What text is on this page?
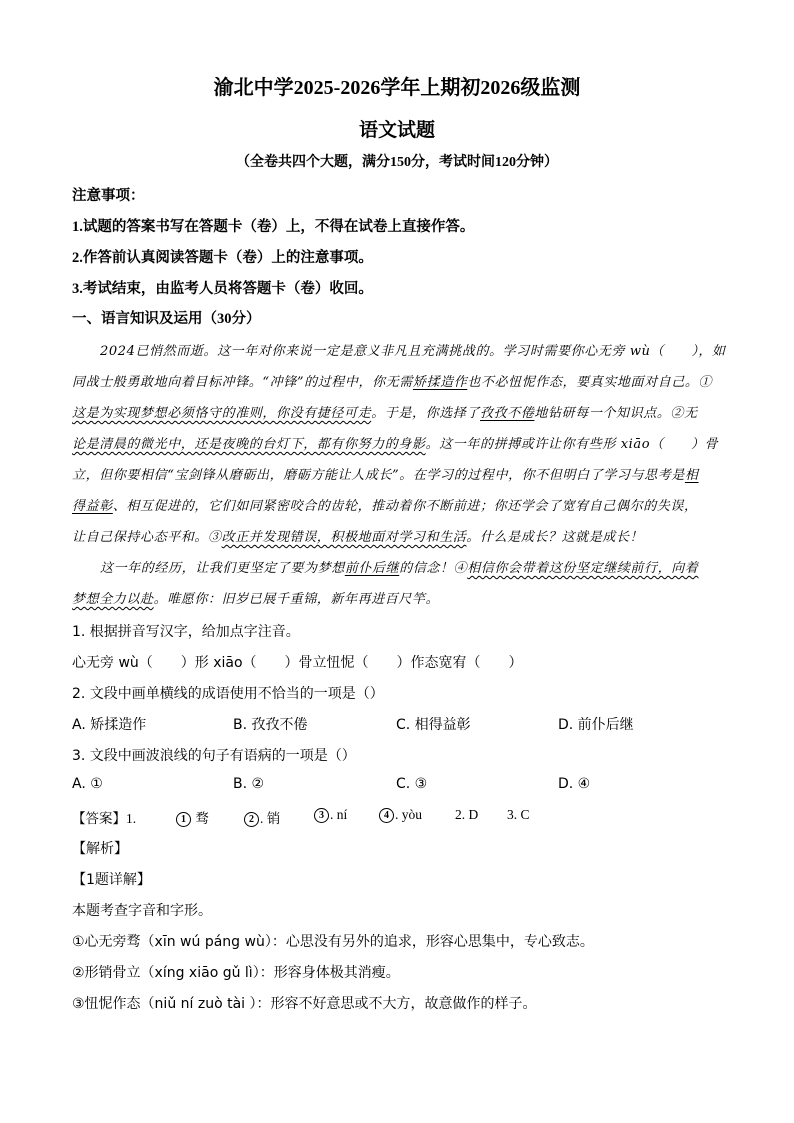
渝北中学2025-2026学年上期初2026级监测
语文试题
（全卷共四个大题，满分150分，考试时间120分钟）
注意事项：
1.试题的答案书写在答题卡（卷）上，不得在试卷上直接作答。
2.作答前认真阅读答题卡（卷）上的注意事项。
3.考试结束，由监考人员将答题卡（卷）收回。
一、语言知识及运用（30分）
2024已悄然而逝。这一年对你来说一定是意义非凡且充满挑战的。学习时需要你心无旁 wù（　　），如
同战士般勇敢地向着目标冲锋。“冲锋”的过程中，你无需矫揉造作也不必忸怩作态，要真实地面对自己。①
这是为实现梦想必须恪守的准则，你没有捷径可走。于是，你选择了孜孜不倦地钻研每一个知识点。②无
论是清晨的微光中，还是夜晚的台灯下，都有你努力的身影。这一年的拼搏或许让你有些形 xiāo（　　）骨
立，但你要相信“宝剑锋从磨砺出，磨砺方能让人成长”。在学习的过程中，你不但明白了学习与思考是相
得益彰、相互促进的，它们如同紧密咬合的齿轮，推动着你不断前进；你还学会了宽宥自己偶尔的失误，
让自己保持心态平和。③改正并发现错误，积极地面对学习和生活。什么是成长？这就是成长！
这一年的经历，让我们更坚定了要为梦想前仆后继的信念！④相信你会带着这份坚定继续前行，向着
梦想全力以赴。唯愿你：旧岁已展千重锦，新年再进百尺竿。
1. 根据拼音写汉字，给加点字注音。
心无旁 wù（　　）形 xiāo（　　）骨立忸怩（　　）作态宽宥（　　）
2. 文段中画单横线的成语使用不恰当的一项是（）
A. 矫揉造作	B. 孜孜不倦	C. 相得益彰	D. 前仆后继
3. 文段中画波浪线的句子有语病的一项是（）
A. ①	B. ②	C. ③	D. ④
【答案】1.	1 骛	2 . 销	3 . ní	4 . yòu 2. D 3. C
【解析】
【1题详解】
本题考查字音和字形。
①心无旁骛（xīn wú páng wù）：心思没有另外的追求，形容心思集中，专心致志。
②形销骨立（xíng xiāo gǔ lì）：形容身体极其消瘦。
③忸怩作态（niǔ ní zuò tài ）：形容不好意思或不大方，故意做作的样子。
